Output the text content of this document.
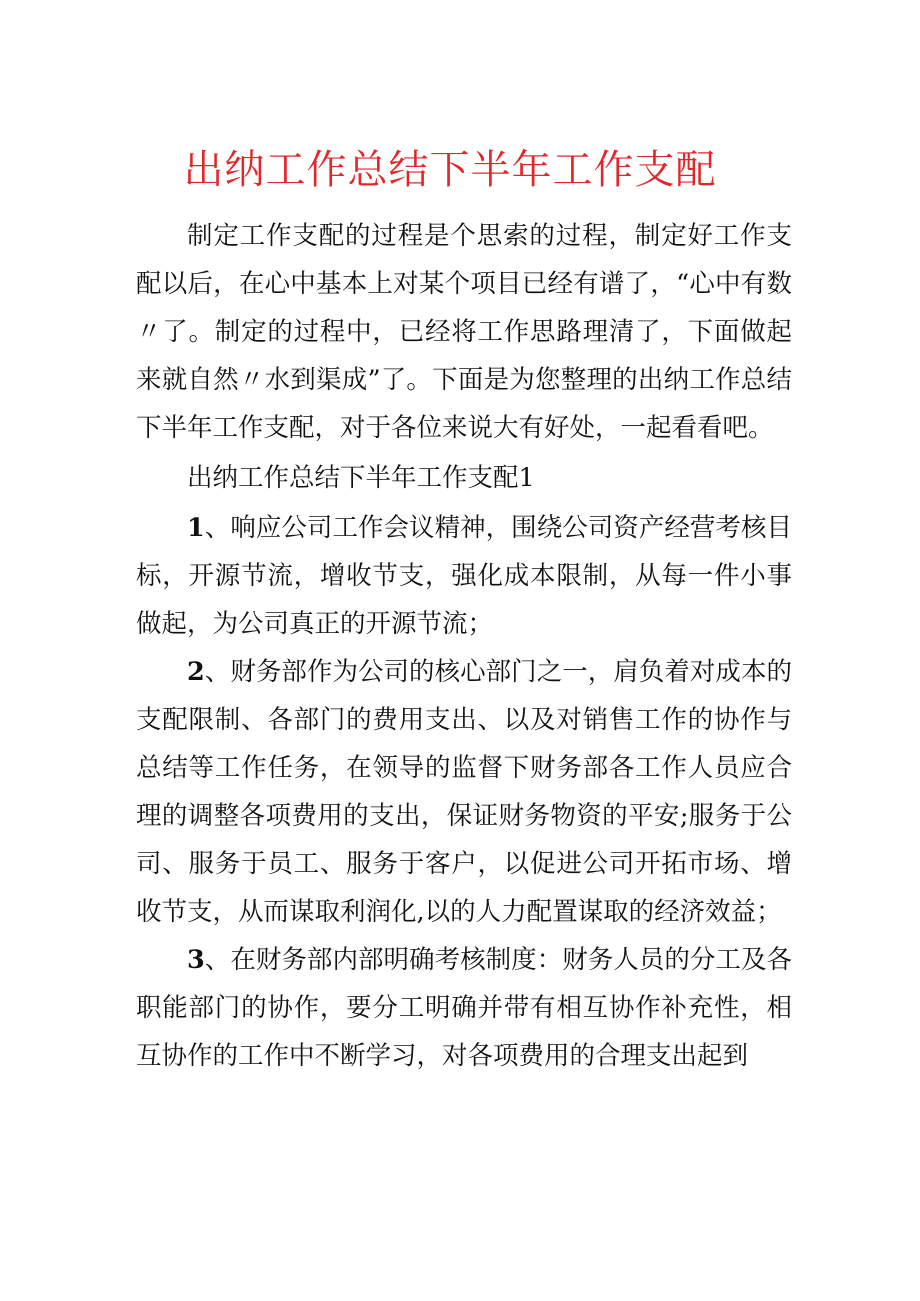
出纳工作总结下半年工作支配

制定工作支配的过程是个思索的过程，制定好工作支配以后，在心中基本上对某个项目已经有谱了，“心中有数〃了。制定的过程中，已经将工作思路理清了，下面做起来就自然〃水到渠成”了。下面是为您整理的出纳工作总结下半年工作支配，对于各位来说大有好处，一起看看吧。

出纳工作总结下半年工作支配1

1、响应公司工作会议精神，围绕公司资产经营考核目标，开源节流，增收节支，强化成本限制，从每一件小事做起，为公司真正的开源节流；

2、财务部作为公司的核心部门之一，肩负着对成本的支配限制、各部门的费用支出、以及对销售工作的协作与总结等工作任务，在领导的监督下财务部各工作人员应合理的调整各项费用的支出，保证财务物资的平安;服务于公司、服务于员工、服务于客户，以促进公司开拓市场、增收节支，从而谋取利润化,以的人力配置谋取的经济效益；

3、在财务部内部明确考核制度：财务人员的分工及各职能部门的协作，要分工明确并带有相互协作补充性，相互协作的工作中不断学习，对各项费用的合理支出起到
